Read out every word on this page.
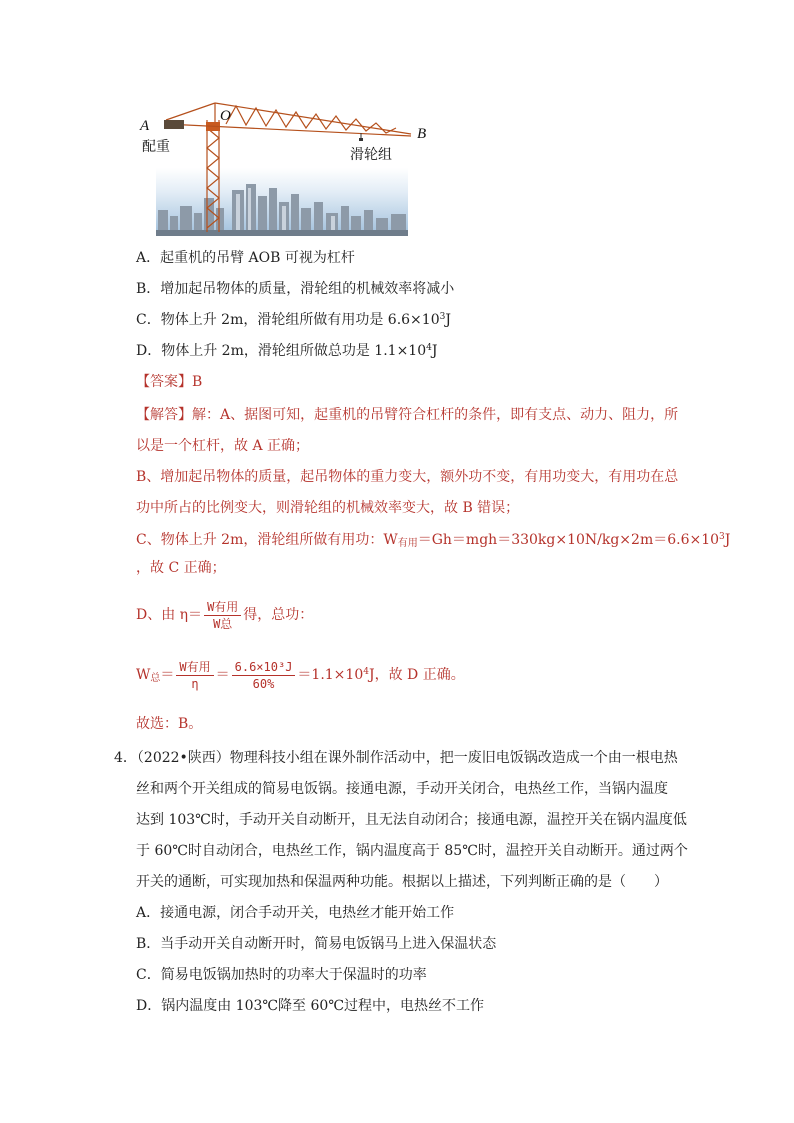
A
O
B
配重	滑轮组
A．起重机的吊臂 AOB 可视为杠杆
B．增加起吊物体的质量，滑轮组的机械效率将减小
C．物体上升 2m，滑轮组所做有用功是 $6.6\times 10^3J$
D．物体上升 2m，滑轮组所做总功是 $1.1\times 10^4J$
【答案】B
【解答】解：A、据图可知，起重机的吊臂符合杠杆的条件，即有支点、动力、阻力，所
以是一个杠杆，故 A 正确；
B、增加起吊物体的质量，起吊物体的重力变大，额外功不变，有用功变大，有用功在总
功中所占的比例变大，则滑轮组的机械效率变大，故 B 错误；
C、物体上升 2m，滑轮组所做有用功：$W_{有用}=Gh=mgh=330kg\times 10N/kg\times 2m=6.6\times 10^3J$
，故 C 正确；
D、由 $\eta= \frac{\text{W有用}}{\text{W总}}$ 得，总功：
$W_总= \frac{\text{W有用}}{\eta} = \frac{\text{6.6×10³J}}{60\%} =1.1\times 10^4J$，故 D 正确。
故选：B。
4．（2022•陕西）物理科技小组在课外制作活动中，把一废旧电饭锅改造成一个由一根电热
丝和两个开关组成的简易电饭锅。接通电源，手动开关闭合，电热丝工作，当锅内温度
达到 103℃时，手动开关自动断开，且无法自动闭合；接通电源，温控开关在锅内温度低
于 60℃时自动闭合，电热丝工作，锅内温度高于 85℃时，温控开关自动断开。通过两个
开关的通断，可实现加热和保温两种功能。根据以上描述，下列判断正确的是（　　）
A．接通电源，闭合手动开关，电热丝才能开始工作
B．当手动开关自动断开时，简易电饭锅马上进入保温状态
C．简易电饭锅加热时的功率大于保温时的功率
D．锅内温度由 103℃降至 60℃过程中，电热丝不工作
